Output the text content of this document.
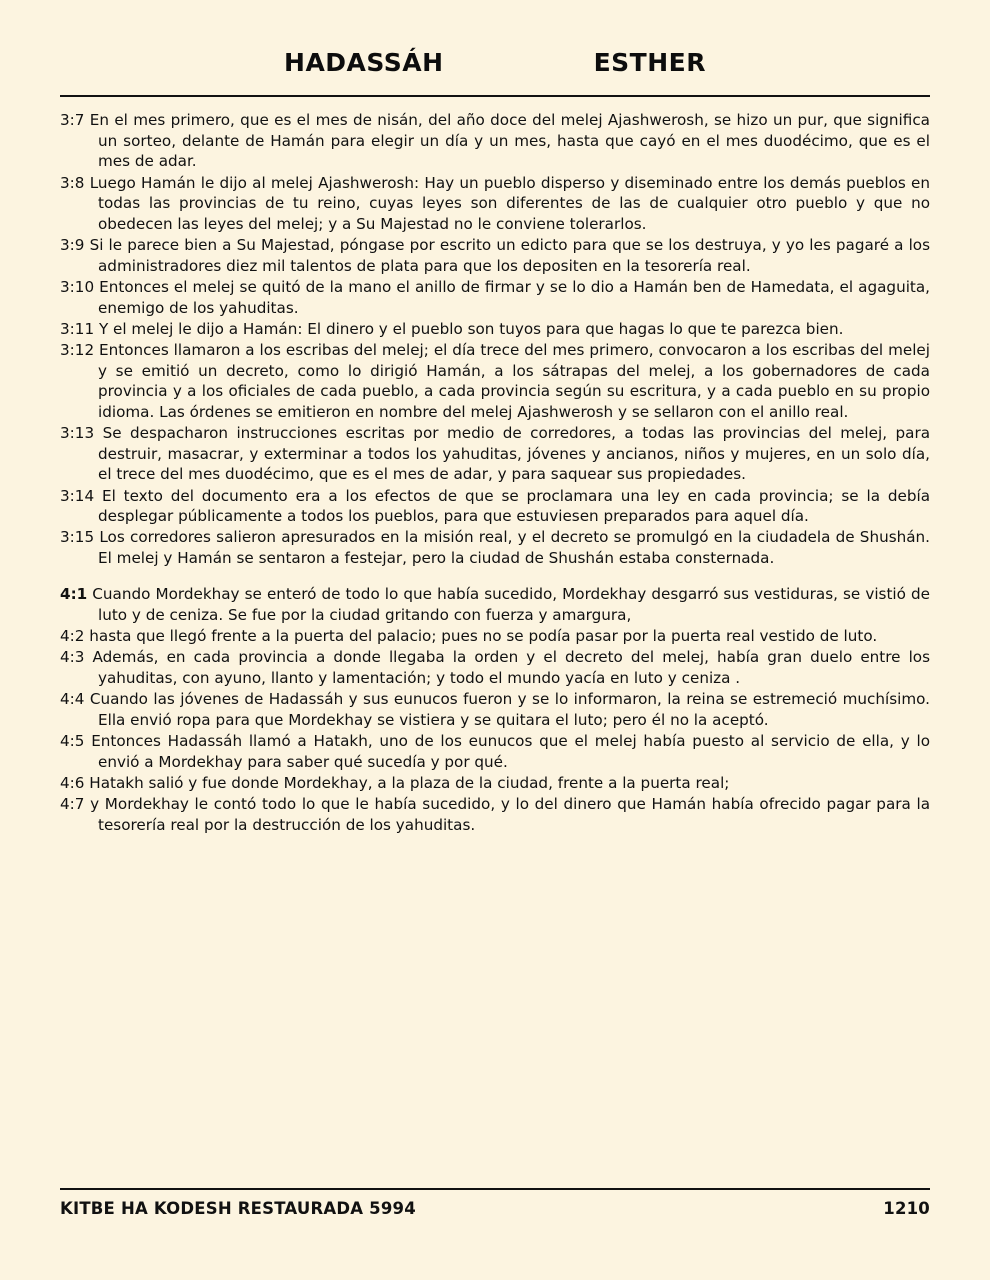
HADASSÁH	ESTHER

3:7 En el mes primero, que es el mes de nisán, del año doce del melej Ajashwerosh, se hizo un pur, que significa un sorteo, delante de Hamán para elegir un día y un mes, hasta que cayó en el mes duodécimo, que es el mes de adar.

3:8 Luego Hamán le dijo al melej Ajashwerosh: Hay un pueblo disperso y diseminado entre los demás pueblos en todas las provincias de tu reino, cuyas leyes son diferentes de las de cualquier otro pueblo y que no obedecen las leyes del melej; y a Su Majestad no le conviene tolerarlos.

3:9 Si le parece bien a Su Majestad, póngase por escrito un edicto para que se los destruya, y yo les pagaré a los administradores diez mil talentos de plata para que los depositen en la tesorería real.

3:10 Entonces el melej se quitó de la mano el anillo de firmar y se lo dio a Hamán ben de Hamedata, el agaguita, enemigo de los yahuditas.

3:11 Y el melej le dijo a Hamán: El dinero y el pueblo son tuyos para que hagas lo que te parezca bien.

3:12 Entonces llamaron a los escribas del melej; el día trece del mes primero, convocaron a los escribas del melej y se emitió un decreto, como lo dirigió Hamán, a los sátrapas del melej, a los gobernadores de cada provincia y a los oficiales de cada pueblo, a cada provincia según su escritura, y a cada pueblo en su propio idioma. Las órdenes se emitieron en nombre del melej Ajashwerosh y se sellaron con el anillo real.

3:13 Se despacharon instrucciones escritas por medio de corredores, a todas las provincias del melej, para destruir, masacrar, y exterminar a todos los yahuditas, jóvenes y ancianos, niños y mujeres, en un solo día, el trece del mes duodécimo, que es el mes de adar, y para saquear sus propiedades.

3:14 El texto del documento era a los efectos de que se proclamara una ley en cada provincia; se la debía desplegar públicamente a todos los pueblos, para que estuviesen preparados para aquel día.

3:15 Los corredores salieron apresurados en la misión real, y el decreto se promulgó en la ciudadela de Shushán. El melej y Hamán se sentaron a festejar, pero la ciudad de Shushán estaba consternada.

4:1 Cuando Mordekhay se enteró de todo lo que había sucedido, Mordekhay desgarró sus vestiduras, se vistió de luto y de ceniza. Se fue por la ciudad gritando con fuerza y amargura,

4:2 hasta que llegó frente a la puerta del palacio; pues no se podía pasar por la puerta real vestido de luto.

4:3 Además, en cada provincia a donde llegaba la orden y el decreto del melej, había gran duelo entre los yahuditas, con ayuno, llanto y lamentación; y todo el mundo yacía en luto y ceniza .

4:4 Cuando las jóvenes de Hadassáh y sus eunucos fueron y se lo informaron, la reina se estremeció muchísimo. Ella envió ropa para que Mordekhay se vistiera y se quitara el luto; pero él no la aceptó.

4:5 Entonces Hadassáh llamó a Hatakh, uno de los eunucos que el melej había puesto al servicio de ella, y lo envió a Mordekhay para saber qué sucedía y por qué.

4:6 Hatakh salió y fue donde Mordekhay, a la plaza de la ciudad, frente a la puerta real;

4:7 y Mordekhay le contó todo lo que le había sucedido, y lo del dinero que Hamán había ofrecido pagar para la tesorería real por la destrucción de los yahuditas.

KITBE HA KODESH RESTAURADA 5994	1210
